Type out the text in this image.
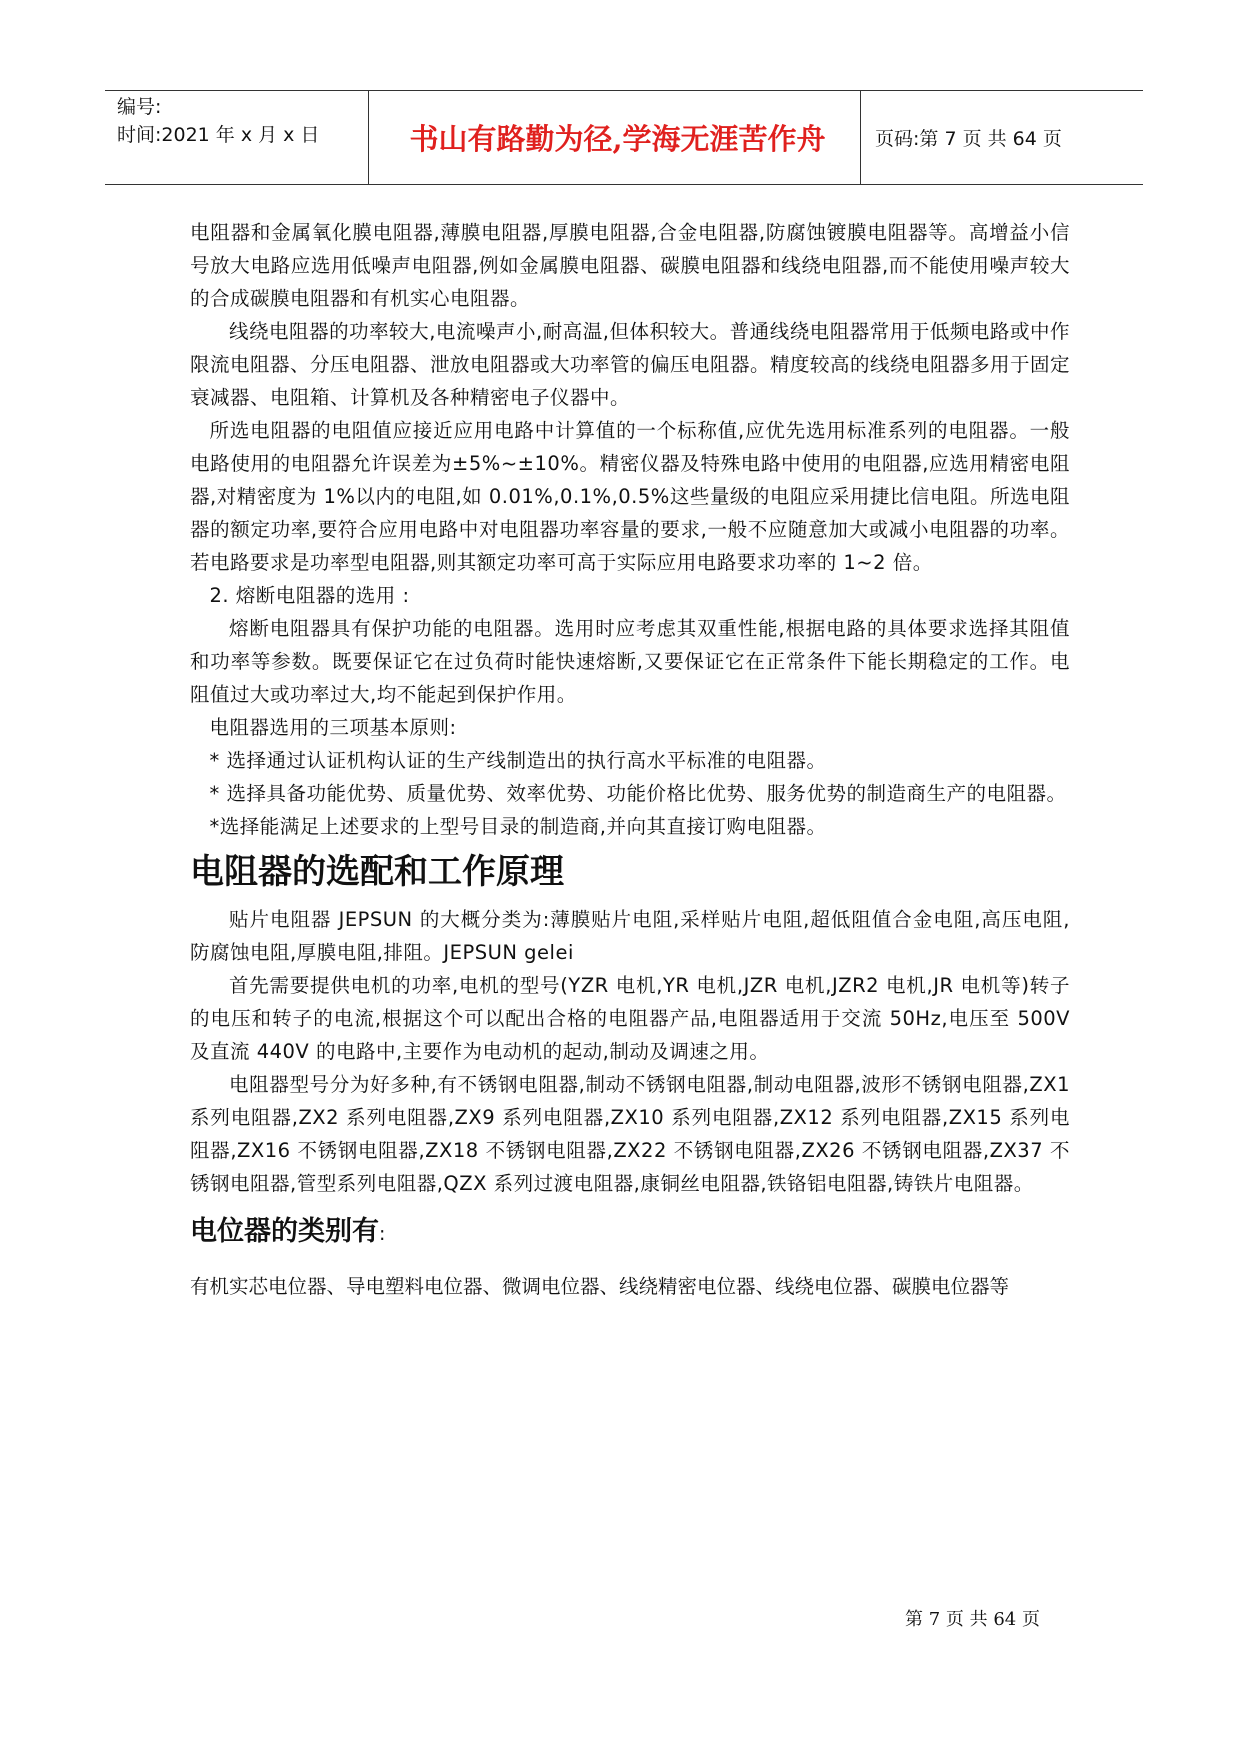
编号:
时间:2021 年 x 月 x 日	书山有路勤为径,学海无涯苦作舟	页码:第 7 页 共 64 页

电阻器和金属氧化膜电阻器,薄膜电阻器,厚膜电阻器,合金电阻器,防腐蚀镀膜电阻器等。高增益小信号放大电路应选用低噪声电阻器,例如金属膜电阻器、碳膜电阻器和线绕电阻器,而不能使用噪声较大的合成碳膜电阻器和有机实心电阻器。

线绕电阻器的功率较大,电流噪声小,耐高温,但体积较大。普通线绕电阻器常用于低频电路或中作限流电阻器、分压电阻器、泄放电阻器或大功率管的偏压电阻器。精度较高的线绕电阻器多用于固定衰减器、电阻箱、计算机及各种精密电子仪器中。

所选电阻器的电阻值应接近应用电路中计算值的一个标称值,应优先选用标准系列的电阻器。一般电路使用的电阻器允许误差为±5%~±10%。精密仪器及特殊电路中使用的电阻器,应选用精密电阻器,对精密度为 1%以内的电阻,如 0.01%,0.1%,0.5%这些量级的电阻应采用捷比信电阻。所选电阻器的额定功率,要符合应用电路中对电阻器功率容量的要求,一般不应随意加大或减小电阻器的功率。若电路要求是功率型电阻器,则其额定功率可高于实际应用电路要求功率的 1~2 倍。

2. 熔断电阻器的选用 :

熔断电阻器具有保护功能的电阻器。选用时应考虑其双重性能,根据电路的具体要求选择其阻值和功率等参数。既要保证它在过负荷时能快速熔断,又要保证它在正常条件下能长期稳定的工作。电阻值过大或功率过大,均不能起到保护作用。

电阻器选用的三项基本原则:

* 选择通过认证机构认证的生产线制造出的执行高水平标准的电阻器。

* 选择具备功能优势、质量优势、效率优势、功能价格比优势、服务优势的制造商生产的电阻器。

*选择能满足上述要求的上型号目录的制造商,并向其直接订购电阻器。

电阻器的选配和工作原理

贴片电阻器 JEPSUN 的大概分类为:薄膜贴片电阻,采样贴片电阻,超低阻值合金电阻,高压电阻,防腐蚀电阻,厚膜电阻,排阻。JEPSUN gelei

首先需要提供电机的功率,电机的型号(YZR 电机,YR 电机,JZR 电机,JZR2 电机,JR 电机等)转子的电压和转子的电流,根据这个可以配出合格的电阻器产品,电阻器适用于交流 50Hz,电压至 500V 及直流 440V 的电路中,主要作为电动机的起动,制动及调速之用。

电阻器型号分为好多种,有不锈钢电阻器,制动不锈钢电阻器,制动电阻器,波形不锈钢电阻器,ZX1 系列电阻器,ZX2 系列电阻器,ZX9 系列电阻器,ZX10 系列电阻器,ZX12 系列电阻器,ZX15 系列电阻器,ZX16 不锈钢电阻器,ZX18 不锈钢电阻器,ZX22 不锈钢电阻器,ZX26 不锈钢电阻器,ZX37 不锈钢电阻器,管型系列电阻器,QZX 系列过渡电阻器,康铜丝电阻器,铁铬铝电阻器,铸铁片电阻器。

电位器的类别有:

有机实芯电位器、导电塑料电位器、微调电位器、线绕精密电位器、线绕电位器、碳膜电位器等

第 7 页 共 64 页
